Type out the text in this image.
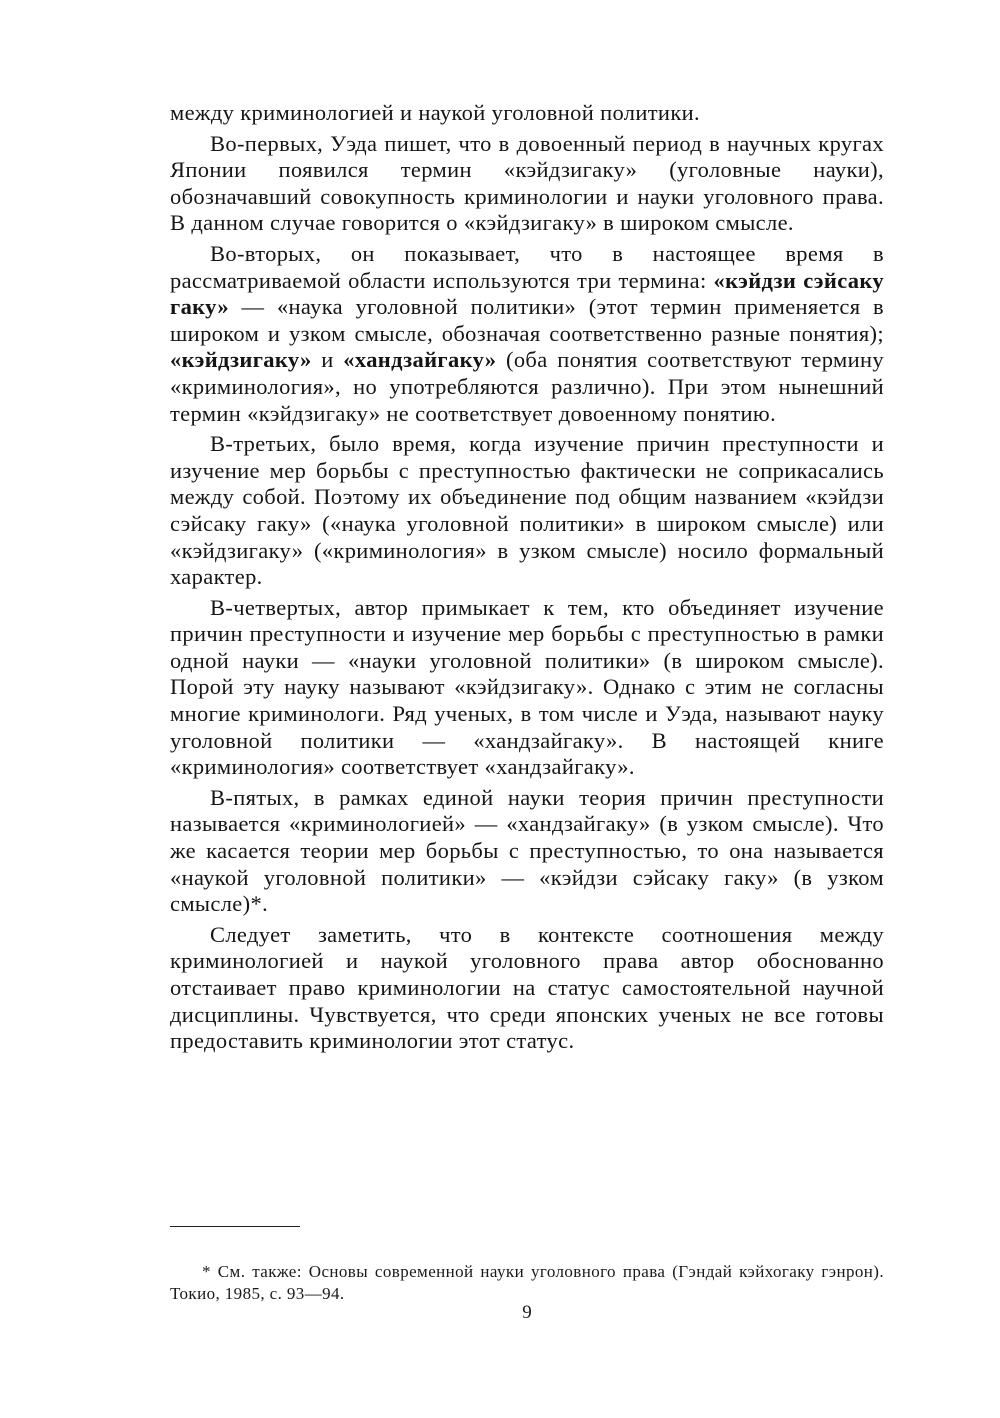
между криминологией и наукой уголовной политики.

Во-первых, Уэда пишет, что в довоенный период в научных кругах Японии появился термин «кэйдзигаку» (уголовные науки), обозначавший совокупность криминологии и науки уголовного права. В данном случае говорится о «кэйдзигаку» в широком смысле.

Во-вторых, он показывает, что в настоящее время в рассматриваемой области используются три термина: «кэйдзи сэйсаку гаку» — «наука уголовной политики» (этот термин применяется в широком и узком смысле, обозначая соответственно разные понятия); «кэйдзигаку» и «хандзайгаку» (оба понятия соответствуют термину «криминология», но употребляются различно). При этом нынешний термин «кэйдзигаку» не соответствует довоенному понятию.

В-третьих, было время, когда изучение причин преступности и изучение мер борьбы с преступностью фактически не соприкасались между собой. Поэтому их объединение под общим названием «кэйдзи сэйсаку гаку» («наука уголовной политики» в широком смысле) или «кэйдзигаку» («криминология» в узком смысле) носило формальный характер.

В-четвертых, автор примыкает к тем, кто объединяет изучение причин преступности и изучение мер борьбы с преступностью в рамки одной науки — «науки уголовной политики» (в широком смысле). Порой эту науку называют «кэйдзигаку». Однако с этим не согласны многие криминологи. Ряд ученых, в том числе и Уэда, называют науку уголовной политики — «хандзайгаку». В настоящей книге «криминология» соответствует «хандзайгаку».

В-пятых, в рамках единой науки теория причин преступности называется «криминологией» — «хандзайгаку» (в узком смысле). Что же касается теории мер борьбы с преступностью, то она называется «наукой уголовной политики» — «кэйдзи сэйсаку гаку» (в узком смысле)*.

Следует заметить, что в контексте соотношения между криминологией и наукой уголовного права автор обоснованно отстаивает право криминологии на статус самостоятельной научной дисциплины. Чувствуется, что среди японских ученых не все готовы предоставить криминологии этот статус.

* См. также: Основы современной науки уголовного права (Гэндай кэйхогаку гэнрон). Токио, 1985, с. 93—94.

9
